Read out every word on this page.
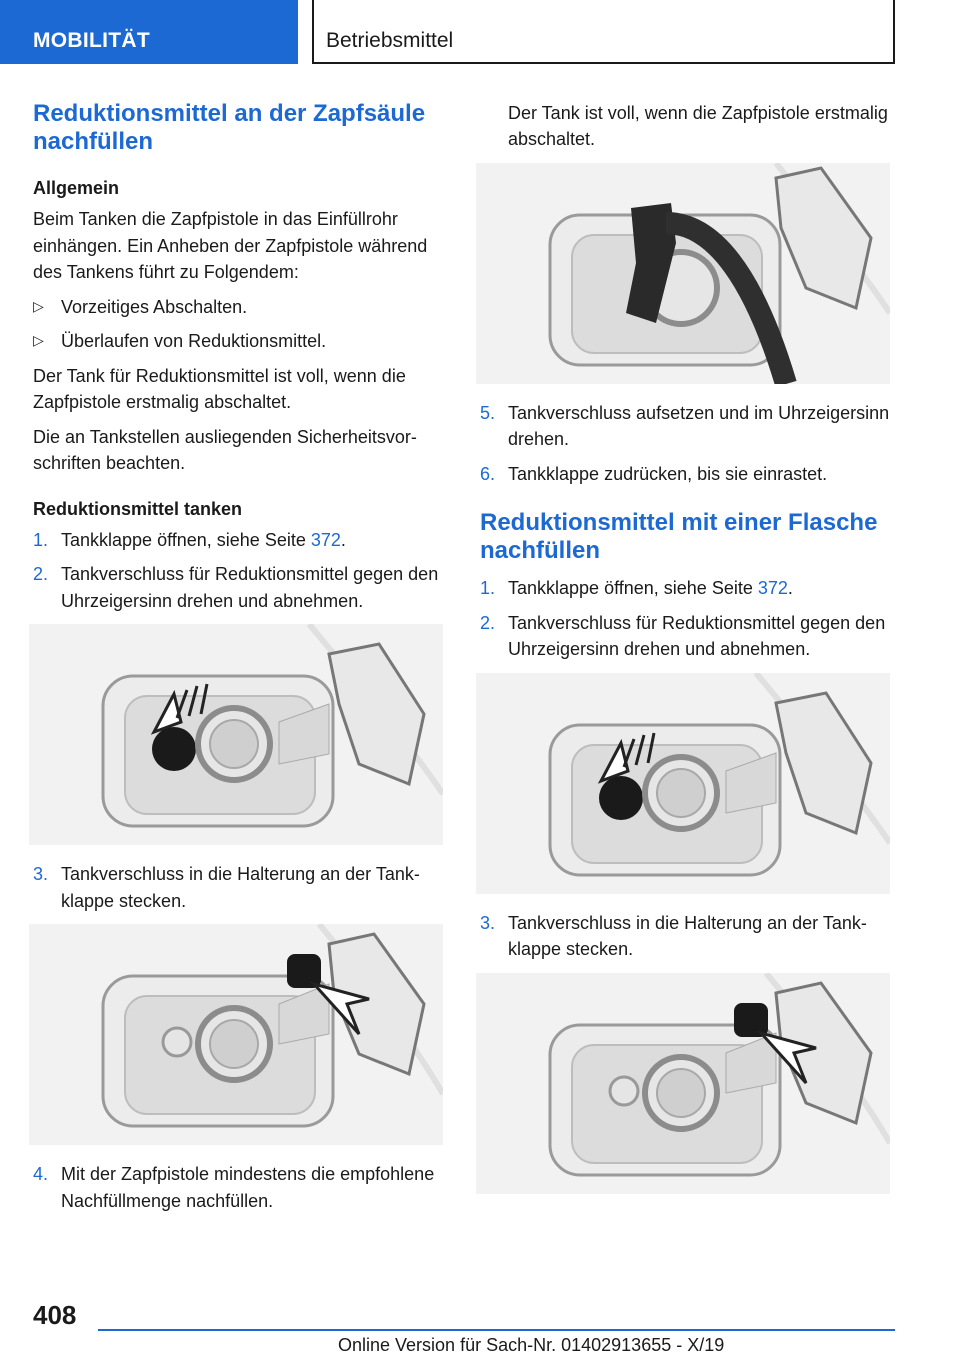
MOBILITÄT	Betriebsmittel
Reduktionsmittel an der Zapfsäule nachfüllen
Allgemein

Beim Tanken die Zapfpistole in das Einfüllrohr einhängen. Ein Anheben der Zapfpistole während des Tankens führt zu Folgendem:

▷ Vorzeitiges Abschalten.
▷ Überlaufen von Reduktionsmittel.

Der Tank für Reduktionsmittel ist voll, wenn die Zapfpistole erstmalig abschaltet.

Die an Tankstellen ausliegenden Sicherheitsvorschriften beachten.

Reduktionsmittel tanken
1. Tankklappe öffnen, siehe Seite 372.
2. Tankverschluss für Reduktionsmittel gegen den Uhrzeigersinn drehen und abnehmen.
3. Tankverschluss in die Halterung an der Tankklappe stecken.
4. Mit der Zapfpistole mindestens die empfohlene Nachfüllmenge nachfüllen.

Der Tank ist voll, wenn die Zapfpistole erstmalig abschaltet.

5. Tankverschluss aufsetzen und im Uhrzeigersinn drehen.
6. Tankklappe zudrücken, bis sie einrastet.
Reduktionsmittel mit einer Flasche nachfüllen
1. Tankklappe öffnen, siehe Seite 372.
2. Tankverschluss für Reduktionsmittel gegen den Uhrzeigersinn drehen und abnehmen.
3. Tankverschluss in die Halterung an der Tankklappe stecken.
408
Online Version für Sach-Nr. 01402913655 - X/19
